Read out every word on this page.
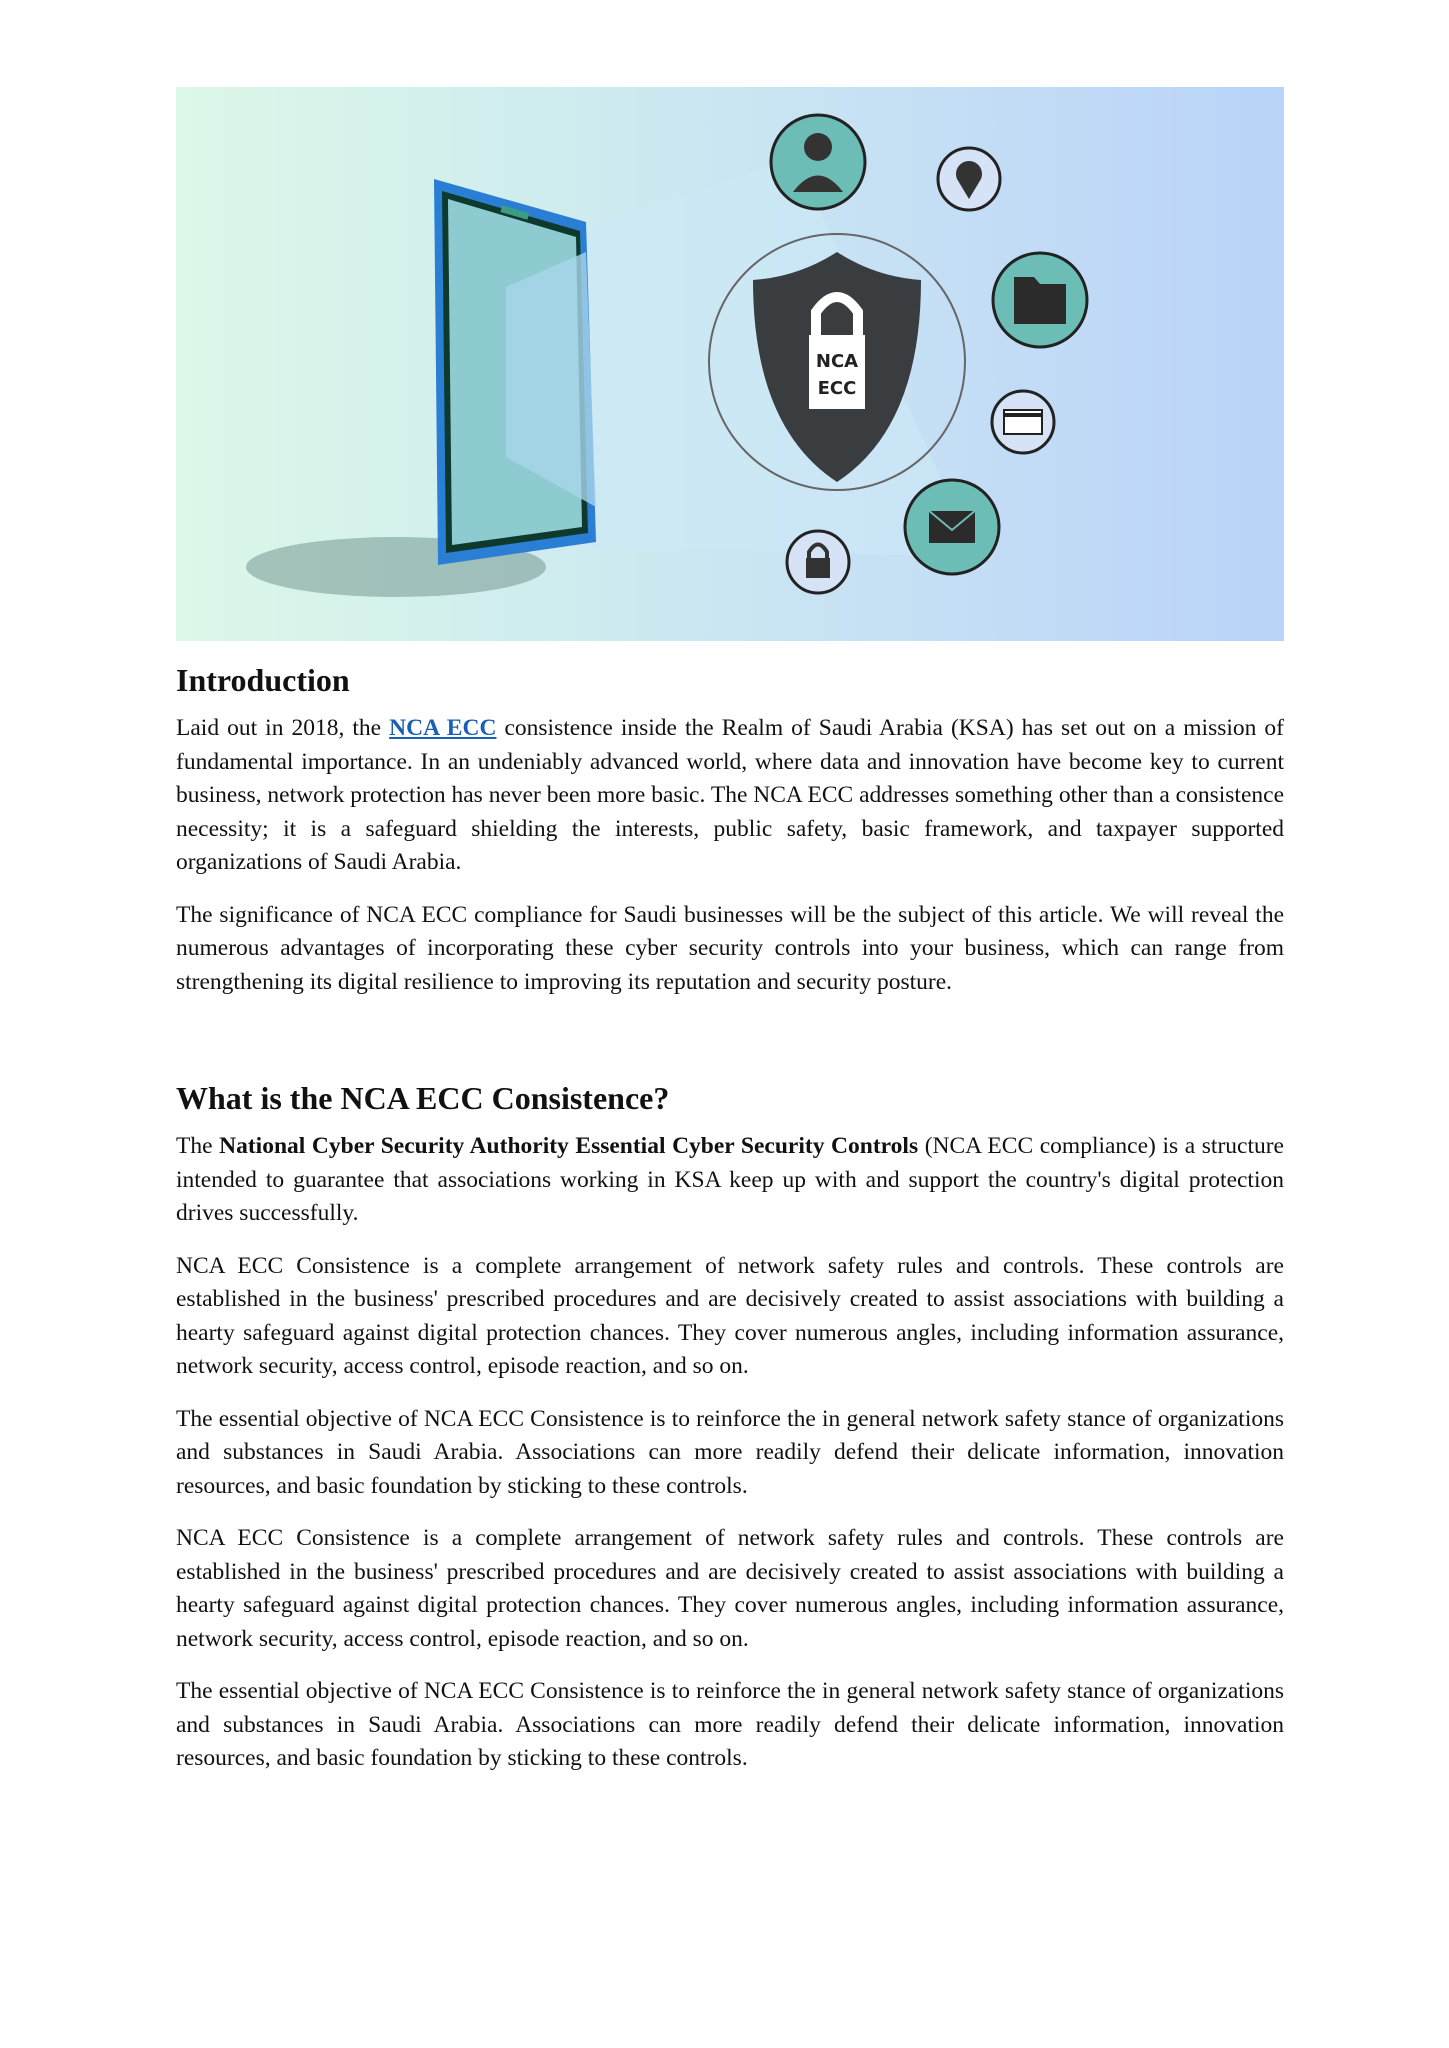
NCA
ECC
Introduction

Laid out in 2018, the NCA ECC consistence inside the Realm of Saudi Arabia (KSA) has set out on a mission of fundamental importance. In an undeniably advanced world, where data and innovation have become key to current business, network protection has never been more basic. The NCA ECC addresses something other than a consistence necessity; it is a safeguard shielding the interests, public safety, basic framework, and taxpayer supported organizations of Saudi Arabia.

The significance of NCA ECC compliance for Saudi businesses will be the subject of this article. We will reveal the numerous advantages of incorporating these cyber security controls into your business, which can range from strengthening its digital resilience to improving its reputation and security posture.

What is the NCA ECC Consistence?

The National Cyber Security Authority Essential Cyber Security Controls (NCA ECC compliance) is a structure intended to guarantee that associations working in KSA keep up with and support the country's digital protection drives successfully.

NCA ECC Consistence is a complete arrangement of network safety rules and controls. These controls are established in the business' prescribed procedures and are decisively created to assist associations with building a hearty safeguard against digital protection chances. They cover numerous angles, including information assurance, network security, access control, episode reaction, and so on.

The essential objective of NCA ECC Consistence is to reinforce the in general network safety stance of organizations and substances in Saudi Arabia. Associations can more readily defend their delicate information, innovation resources, and basic foundation by sticking to these controls.

NCA ECC Consistence is a complete arrangement of network safety rules and controls. These controls are established in the business' prescribed procedures and are decisively created to assist associations with building a hearty safeguard against digital protection chances. They cover numerous angles, including information assurance, network security, access control, episode reaction, and so on.

The essential objective of NCA ECC Consistence is to reinforce the in general network safety stance of organizations and substances in Saudi Arabia. Associations can more readily defend their delicate information, innovation resources, and basic foundation by sticking to these controls.
